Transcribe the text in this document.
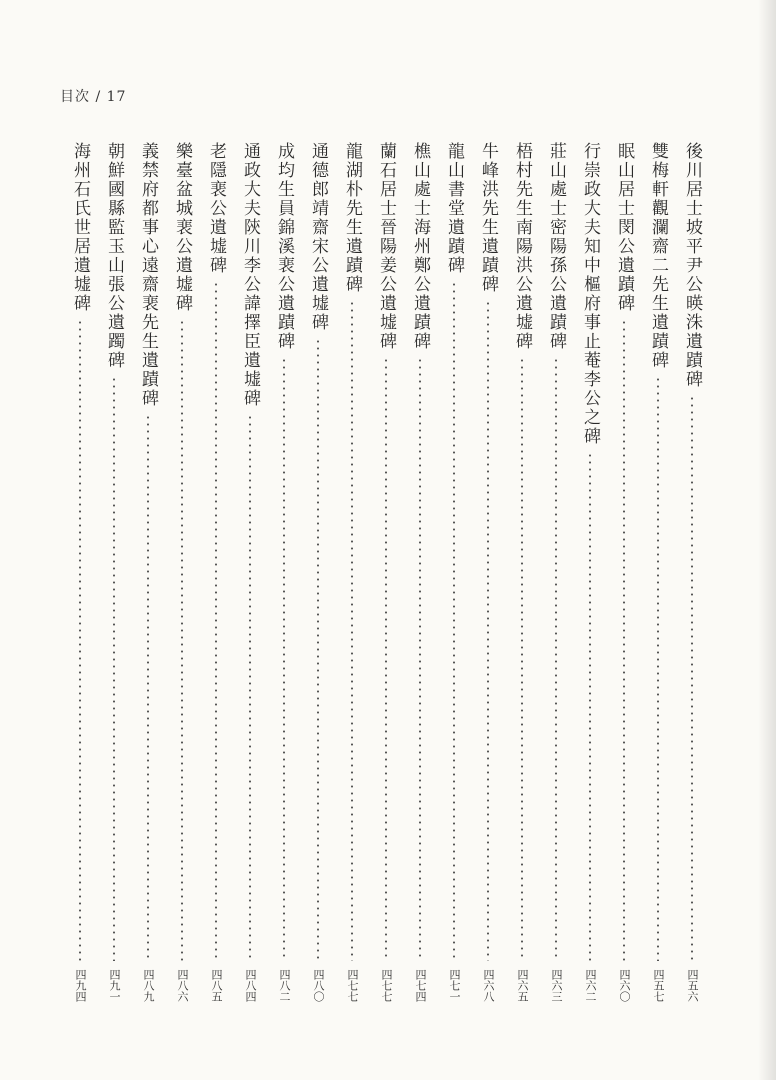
目次 / 17
後川居士坡平尹公暎洙遺蹟碑
四五六
雙梅軒觀瀾齋二先生遺蹟碑
四五七
眠山居士閔公遺蹟碑
四六〇
行崇政大夫知中樞府事止菴李公之碑
四六二
莊山處士密陽孫公遺蹟碑
四六三
梧村先生南陽洪公遺墟碑
四六五
牛峰洪先生遺蹟碑
四六八
龍山書堂遺蹟碑
四七一
樵山處士海州鄭公遺蹟碑
四七四
蘭石居士晉陽姜公遺墟碑
四七七
龍湖朴先生遺蹟碑
四七七
通德郎靖齋宋公遺墟碑
四八〇
成均生員錦溪裵公遺蹟碑
四八二
通政大夫陝川李公諱擇臣遺墟碑
四八四
老隱裵公遺墟碑
四八五
樂臺盆城裵公遺墟碑
四八六
義禁府都事心遠齋裵先生遺蹟碑
四八九
朝鮮國縣監玉山張公遺躅碑
四九一
海州石氏世居遺墟碑
四九四
